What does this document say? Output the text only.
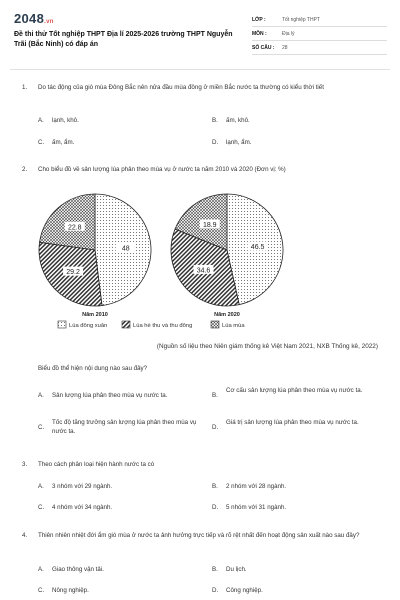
2048.vn
Đề thi thử Tốt nghiệp THPT Địa lí 2025-2026 trường THPT Nguyễn Trãi (Bắc Ninh) có đáp án
LỚP :	Tốt nghiệp THPT
MÔN :	Địa lý
SỐ CÂU :	28
1. Do tác động của gió mùa Đông Bắc nên nửa đầu mùa đông ở miền Bắc nước ta thường có kiểu thời tiết
A. lạnh, khô.	B. ấm, khô.
C. ấm, ẩm.	D. lạnh, ẩm.
2. Cho biểu đồ về sản lượng lúa phân theo mùa vụ ở nước ta năm 2010 và 2020 (Đơn vị: %)
48
29.2
22.8
Năm 2010
46.5
34.6
18.9
Năm 2020
Lúa đông xuân	Lúa hè thu và thu đông	Lúa mùa
(Nguồn số liệu theo Niên giám thống kê Việt Nam 2021, NXB Thống kê, 2022)
Biểu đồ thể hiện nội dung nào sau đây?
A. Sản lượng lúa phân theo mùa vụ nước ta.	B.
Cơ cấu sản lượng lúa phân theo mùa vụ nước ta.
C.
Tốc độ tăng trưởng sản lượng lúa phân theo mùa vụ nước ta.
D.
Giá trị sản lượng lúa phân theo mùa vụ nước ta.
3. Theo cách phân loại hiện hành nước ta có
A. 3 nhóm với 29 ngành.	B. 2 nhóm với 28 ngành.
C. 4 nhóm với 34 ngành.	D. 5 nhóm với 31 ngành.
4. Thiên nhiên nhiệt đới ẩm gió mùa ở nước ta ảnh hưởng trực tiếp và rõ rệt nhất đến hoạt động sản xuất nào sau đây?
A. Giao thông vận tải.	B. Du lịch.
C. Nông nghiệp.	D. Công nghiệp.
